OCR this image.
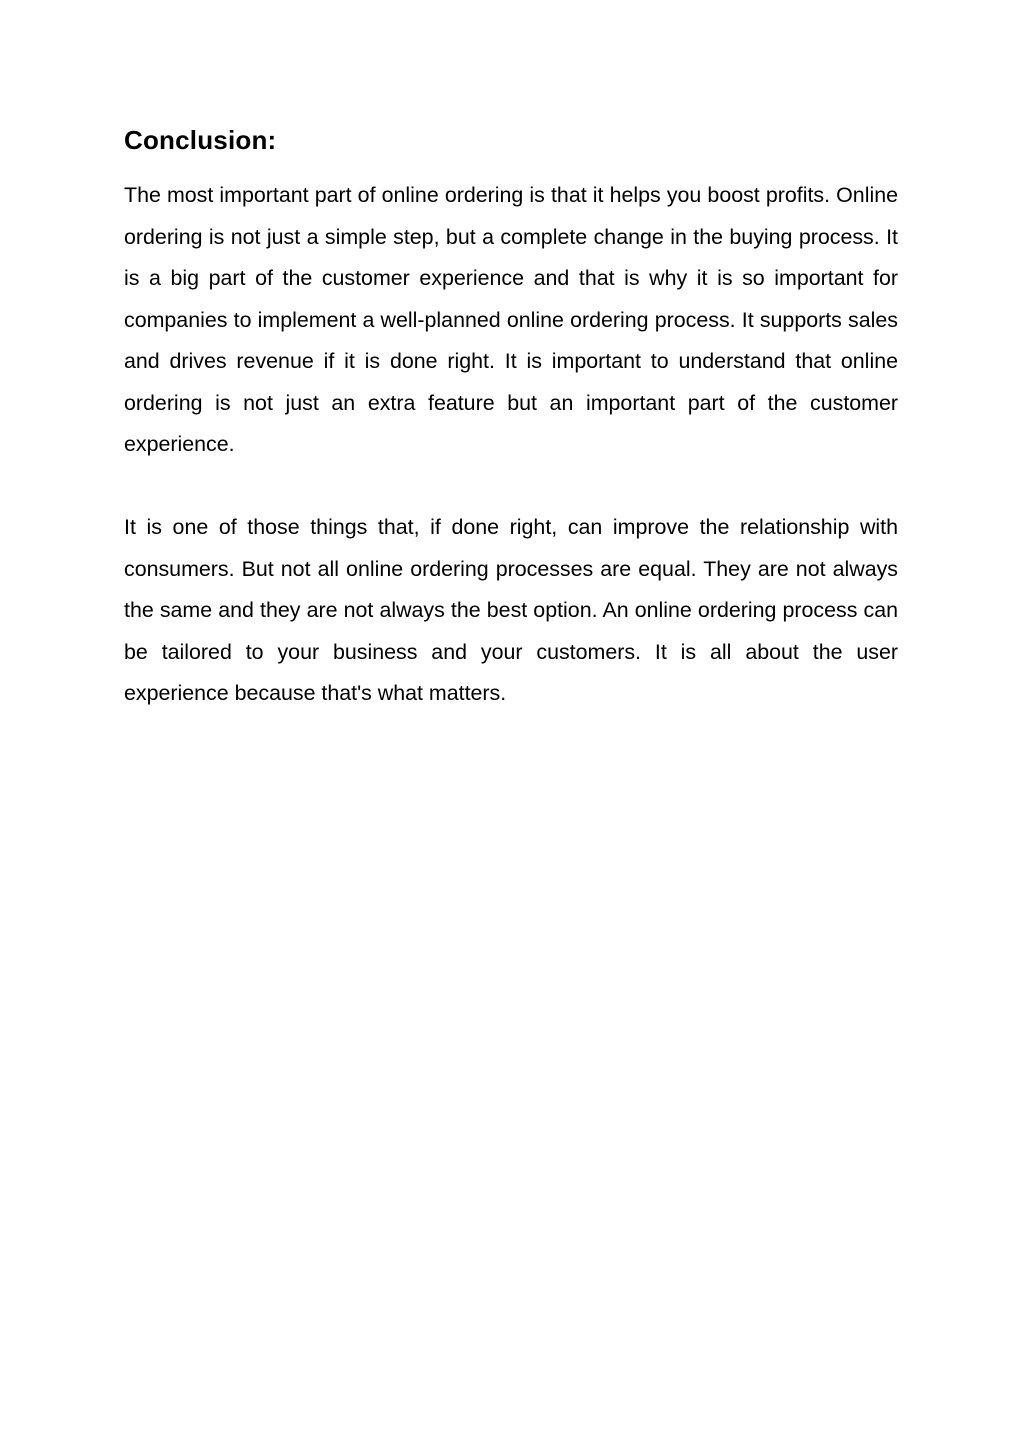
Conclusion:

The most important part of online ordering is that it helps you boost profits. Online ordering is not just a simple step, but a complete change in the buying process. It is a big part of the customer experience and that is why it is so important for companies to implement a well-planned online ordering process. It supports sales and drives revenue if it is done right. It is important to understand that online ordering is not just an extra feature but an important part of the customer experience.

It is one of those things that, if done right, can improve the relationship with consumers. But not all online ordering processes are equal. They are not always the same and they are not always the best option. An online ordering process can be tailored to your business and your customers. It is all about the user experience because that's what matters.
